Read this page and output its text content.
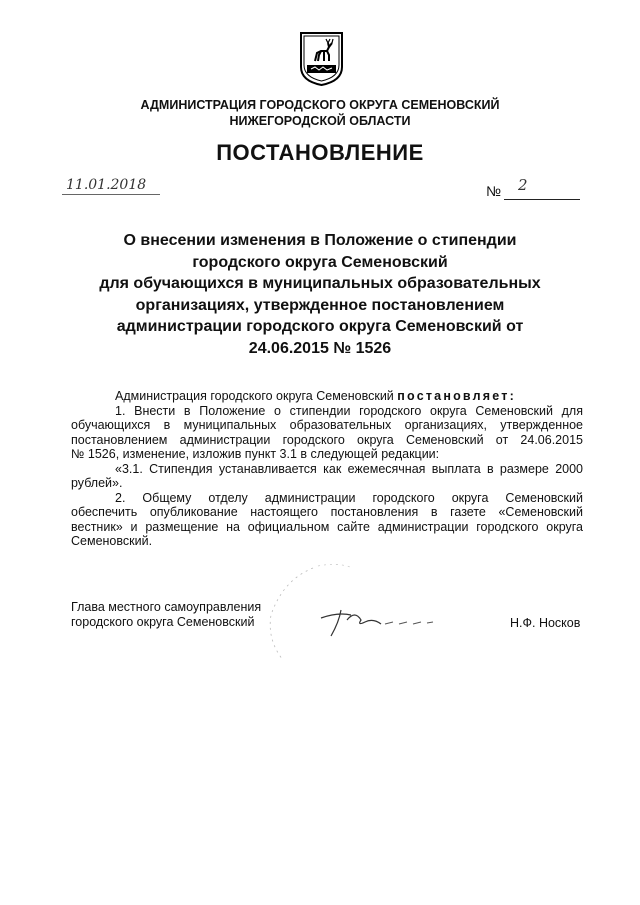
АДМИНИСТРАЦИЯ ГОРОДСКОГО ОКРУГА СЕМЕНОВСКИЙ
НИЖЕГОРОДСКОЙ ОБЛАСТИ
ПОСТАНОВЛЕНИЕ
11.01.2018	№ 2
О внесении изменения в Положение о стипендии
городского округа Семеновский
для обучающихся в муниципальных образовательных
организациях, утвержденное постановлением
администрации городского округа Семеновский от
24.06.2015 № 1526
Администрация городского округа Семеновский постановляет:
1. Внести в Положение о стипендии городского округа Семеновский для
обучающихся в муниципальных образовательных организациях, утвержденное
постановлением администрации городского округа Семеновский от 24.06.2015
№ 1526, изменение, изложив пункт 3.1 в следующей редакции:
«3.1. Стипендия устанавливается как ежемесячная выплата в размере 2000
рублей».
2. Общему отделу администрации городского округа Семеновский
обеспечить опубликование настоящего постановления в газете «Семеновский
вестник» и размещение на официальном сайте администрации городского округа
Семеновский.
Глава местного самоуправления
городского округа Семеновский	Н.Ф. Носков
